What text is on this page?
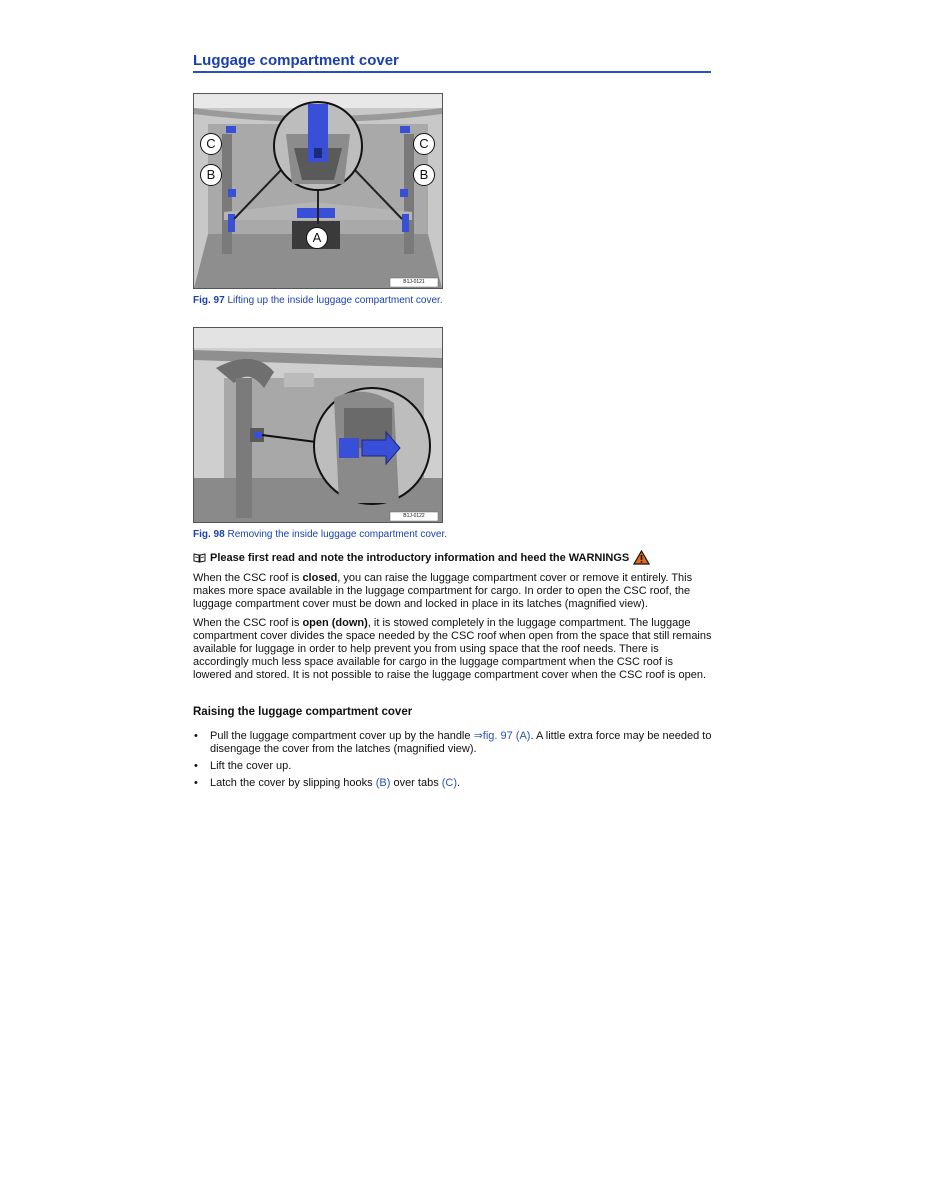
Luggage compartment cover
C
B
A
C
B
B1J-0121
Fig. 97 Lifting up the inside luggage compartment cover.
B1J-0122
Fig. 98 Removing the inside luggage compartment cover.
Please first read and note the introductory information and heed the WARNINGS
When the CSC roof is closed, you can raise the luggage compartment cover or remove it entirely. This makes more space available in the luggage compartment for cargo. In order to open the CSC roof, the luggage compartment cover must be down and locked in place in its latches (magnified view).
When the CSC roof is open (down), it is stowed completely in the luggage compartment. The luggage compartment cover divides the space needed by the CSC roof when open from the space that still remains available for luggage in order to help prevent you from using space that the roof needs. There is accordingly much less space available for cargo in the luggage compartment when the CSC roof is lowered and stored. It is not possible to raise the luggage compartment cover when the CSC roof is open.
Raising the luggage compartment cover
• Pull the luggage compartment cover up by the handle ⇒fig. 97 (A). A little extra force may be needed to disengage the cover from the latches (magnified view).
• Lift the cover up.
• Latch the cover by slipping hooks (B) over tabs (C).
